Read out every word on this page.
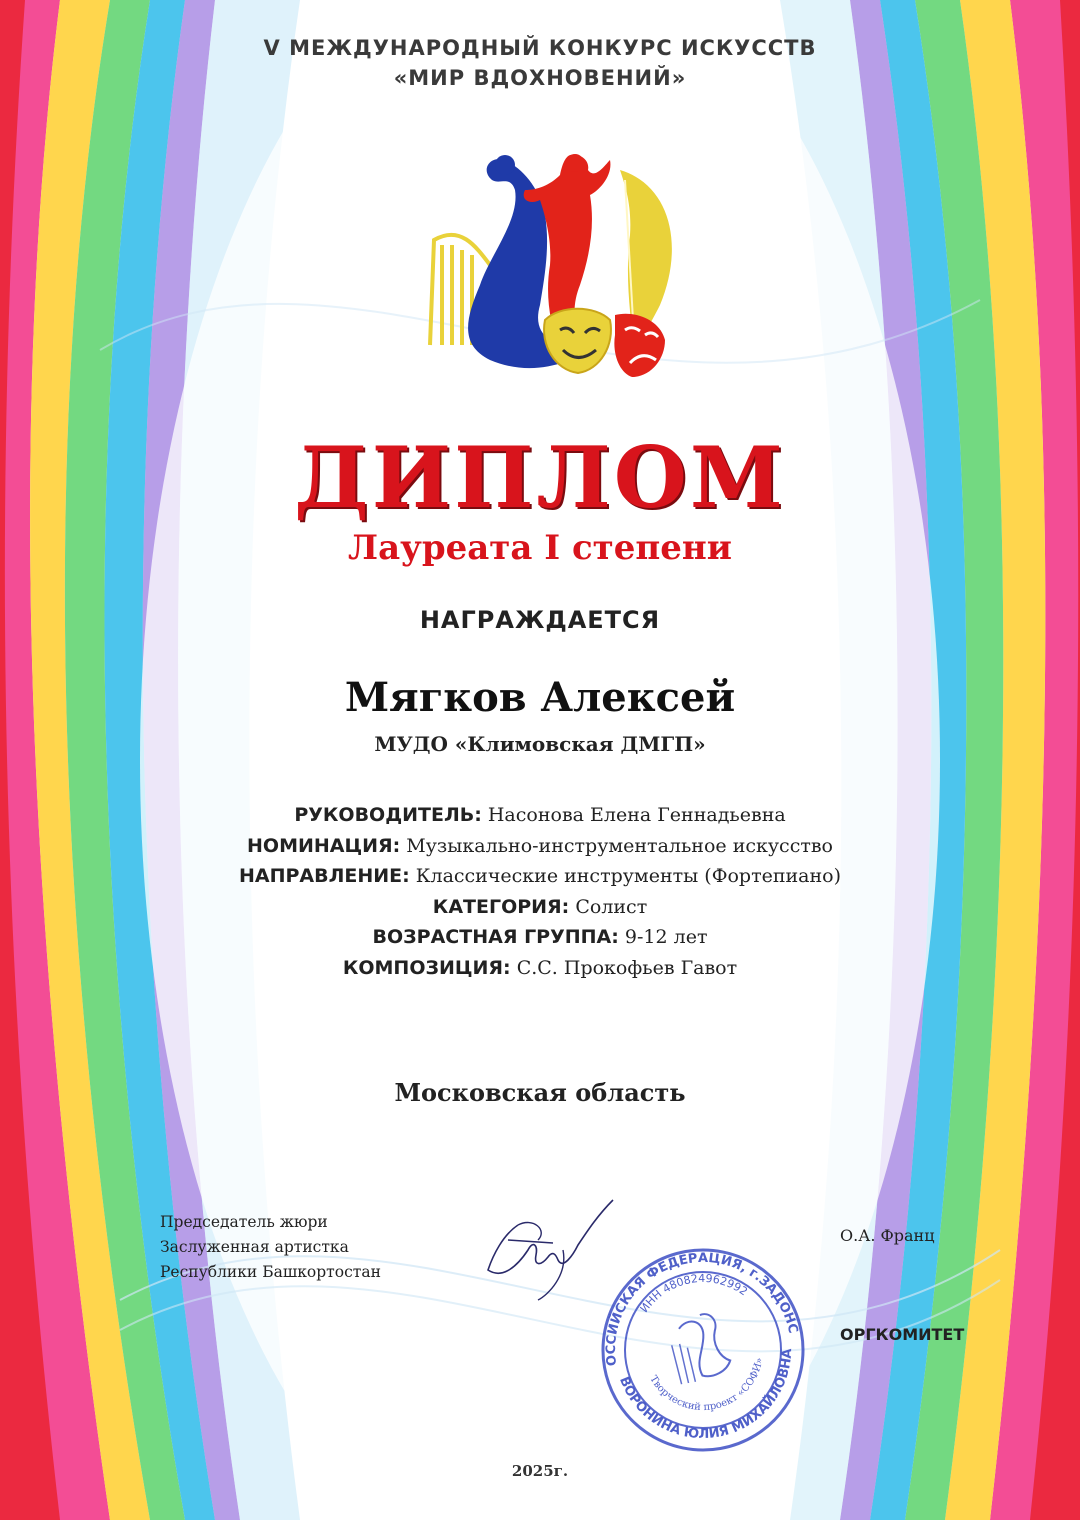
V МЕЖДУНАРОДНЫЙ КОНКУРС ИСКУССТВ
«МИР ВДОХНОВЕНИЙ»
ДИПЛОМ
Лауреата I степени
НАГРАЖДАЕТСЯ
Мягков Алексей
МУДО «Климовская ДМГП»
РУКОВОДИТЕЛЬ: Насонова Елена Геннадьевна
НОМИНАЦИЯ: Музыкально-инструментальное искусство
НАПРАВЛЕНИЕ: Классические инструменты (Фортепиано)
КАТЕГОРИЯ: Солист
ВОЗРАСТНАЯ ГРУППА: 9-12 лет
КОМПОЗИЦИЯ: С.С. Прокофьев Гавот
Московская область
Председатель жюри
Заслуженная артистка
Республики Башкортостан
О.А. Франц
ОРГКОМИТЕТ
РОССИЙСКАЯ ФЕДЕРАЦИЯ, г.ЗАДОНСК
ВОРОНИНА ЮЛИЯ МИХАЙЛОВНА
ИНН 480824962992
Творческий проект «СОФИ»
2025г.
